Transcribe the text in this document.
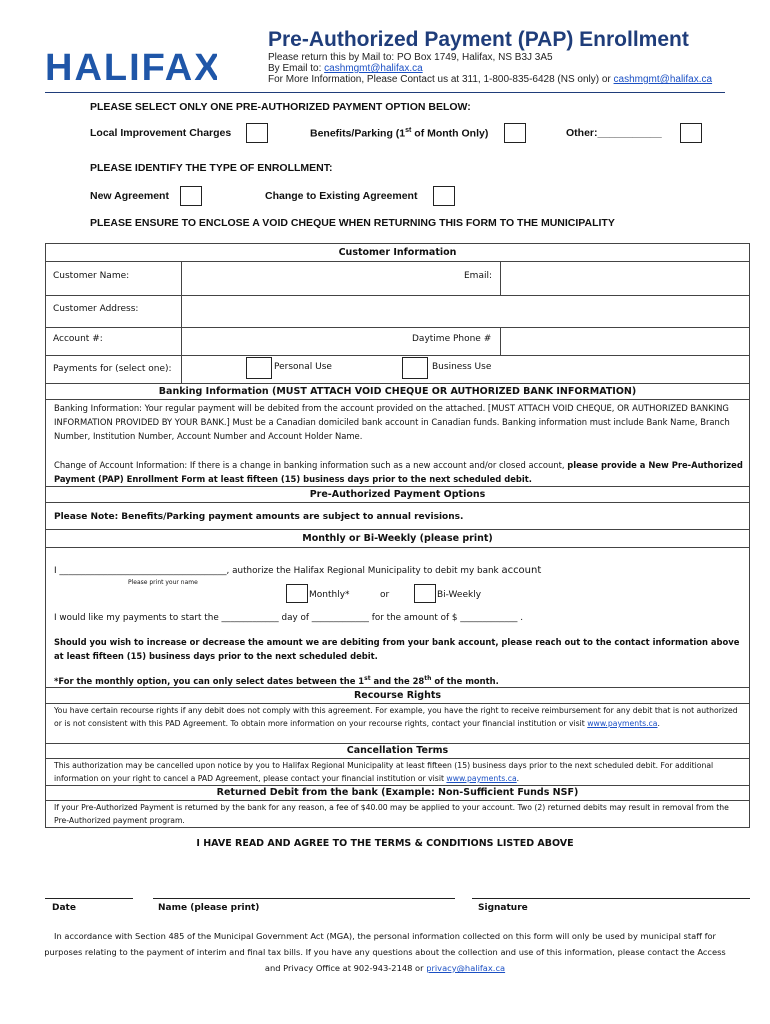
HALIFAX
Pre-Authorized Payment (PAP) Enrollment
Please return this by Mail to: PO Box 1749, Halifax, NS B3J 3A5
By Email to: cashmgmt@halifax.ca
For More Information, Please Contact us at 311, 1-800-835-6428 (NS only) or cashmgmt@halifax.ca
PLEASE SELECT ONLY ONE PRE-AUTHORIZED PAYMENT OPTION BELOW:
Local Improvement Charges	Benefits/Parking (1st of Month Only)	Other:___________
PLEASE IDENTIFY THE TYPE OF ENROLLMENT:
New Agreement	Change to Existing Agreement
PLEASE ENSURE TO ENCLOSE A VOID CHEQUE WHEN RETURNING THIS FORM TO THE MUNICIPALITY
Customer Information
Customer Name:	Email:
Customer Address:
Account #:	Daytime Phone #
Payments for (select one):	Personal Use	Business Use
Banking Information (MUST ATTACH VOID CHEQUE OR AUTHORIZED BANK INFORMATION)
Banking Information: Your regular payment will be debited from the account provided on the attached. [MUST ATTACH VOID CHEQUE, OR AUTHORIZED BANKING INFORMATION PROVIDED BY YOUR BANK.] Must be a Canadian domiciled bank account in Canadian funds. Banking information must include Bank Name, Branch Number, Institution Number, Account Number and Account Holder Name.
Change of Account Information: If there is a change in banking information such as a new account and/or closed account, please provide a New Pre-Authorized Payment (PAP) Enrollment Form at least fifteen (15) business days prior to the next scheduled debit.
Pre-Authorized Payment Options
Please Note: Benefits/Parking payment amounts are subject to annual revisions.
Monthly or Bi-Weekly (please print)
I ______________________________________, authorize the Halifax Regional Municipality to debit my bank account
Please print your name
Monthly*	or	Bi-Weekly
I would like my payments to start the _____________ day of _____________ for the amount of $ _____________ .
Should you wish to increase or decrease the amount we are debiting from your bank account, please reach out to the contact information above at least fifteen (15) business days prior to the next scheduled debit.
*For the monthly option, you can only select dates between the 1st and the 28th of the month.
Recourse Rights
You have certain recourse rights if any debit does not comply with this agreement. For example, you have the right to receive reimbursement for any debit that is not authorized or is not consistent with this PAD Agreement. To obtain more information on your recourse rights, contact your financial institution or visit www.payments.ca.
Cancellation Terms
This authorization may be cancelled upon notice by you to Halifax Regional Municipality at least fifteen (15) business days prior to the next scheduled debit. For additional information on your right to cancel a PAD Agreement, please contact your financial institution or visit www.payments.ca.
Returned Debit from the bank (Example: Non-Sufficient Funds NSF)
If your Pre-Authorized Payment is returned by the bank for any reason, a fee of $40.00 may be applied to your account. Two (2) returned debits may result in removal from the Pre-Authorized payment program.
I HAVE READ AND AGREE TO THE TERMS & CONDITIONS LISTED ABOVE
Date	Name (please print)	Signature
In accordance with Section 485 of the Municipal Government Act (MGA), the personal information collected on this form will only be used by municipal staff for purposes relating to the payment of interim and final tax bills. If you have any questions about the collection and use of this information, please contact the Access and Privacy Office at 902-943-2148 or privacy@halifax.ca
